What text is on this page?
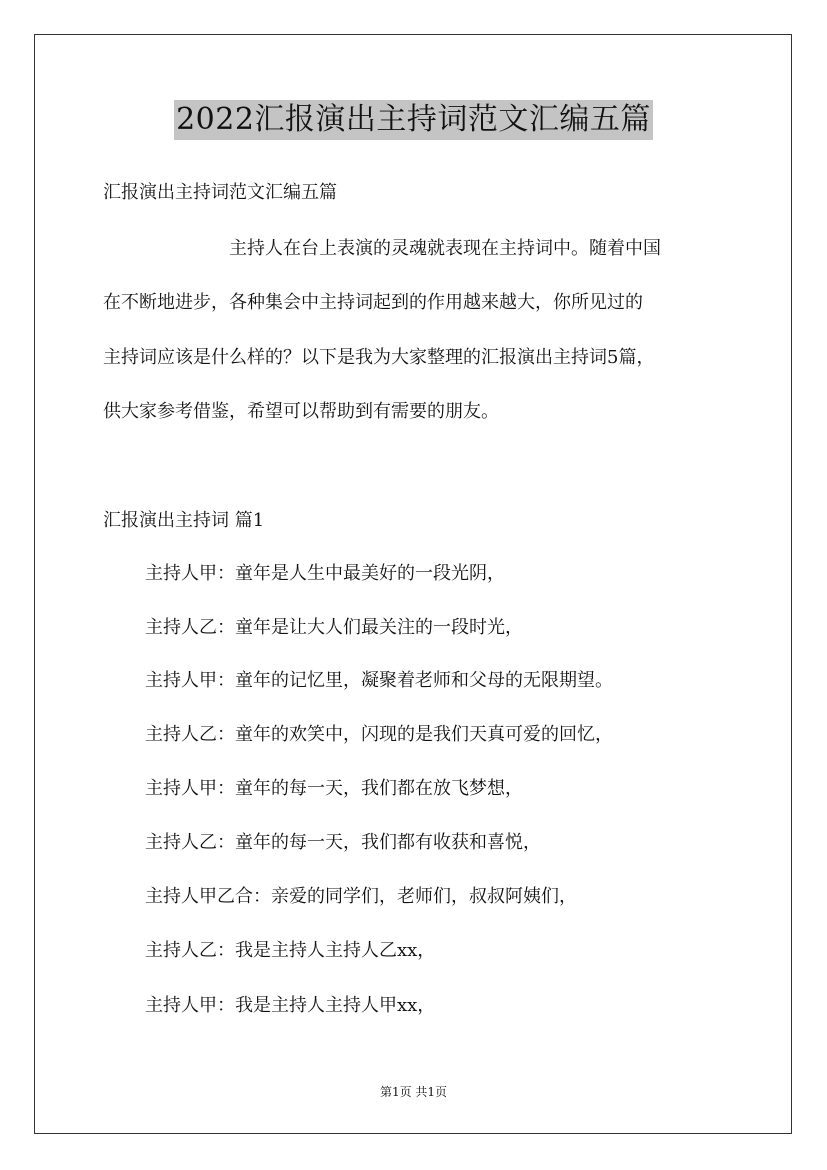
2022汇报演出主持词范文汇编五篇

汇报演出主持词范文汇编五篇

主持人在台上表演的灵魂就表现在主持词中。随着中国

在不断地进步，各种集会中主持词起到的作用越来越大，你所见过的

主持词应该是什么样的？以下是我为大家整理的汇报演出主持词5篇，

供大家参考借鉴，希望可以帮助到有需要的朋友。

汇报演出主持词 篇1

主持人甲：童年是人生中最美好的一段光阴，

主持人乙：童年是让大人们最关注的一段时光，

主持人甲：童年的记忆里，凝聚着老师和父母的无限期望。

主持人乙：童年的欢笑中，闪现的是我们天真可爱的回忆，

主持人甲：童年的每一天，我们都在放飞梦想，

主持人乙：童年的每一天，我们都有收获和喜悦，

主持人甲乙合：亲爱的同学们，老师们，叔叔阿姨们，

主持人乙：我是主持人主持人乙xx，

主持人甲：我是主持人主持人甲xx，

第1页 共1页
